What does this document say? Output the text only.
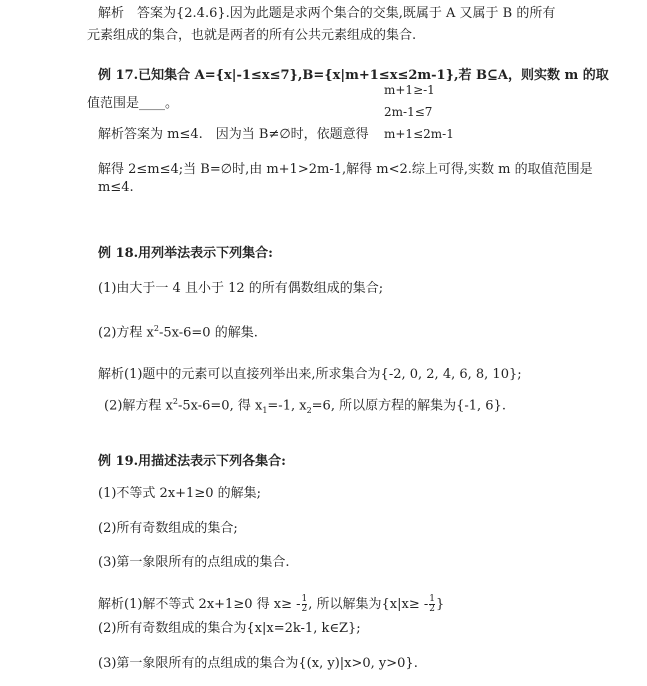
解析　答案为{2.4.6}.因为此题是求两个集合的交集,既属于 A 又属于 B 的所有
元素组成的集合，也就是两者的所有公共元素组成的集合.
例 17.已知集合 A={x|-1≤x≤7},B={x|m+1≤x≤2m-1},若 B⊆A，则实数 m 的取
值范围是____。
m+1≥-1
2m-1≤7
m+1≤2m-1
解析答案为 m≤4.　因为当 B≠∅时，依题意得
解得 2≤m≤4;当 B=∅时,由 m+1>2m-1,解得 m<2.综上可得,实数 m 的取值范围是
m≤4.
例 18.用列举法表示下列集合:
(1)由大于一 4 且小于 12 的所有偶数组成的集合;
(2)方程 $x^2-5x-6=0$ 的解集.
解析(1)题中的元素可以直接列举出来,所求集合为{-2, 0, 2, 4, 6, 8, 10};
(2)解方程 $x^2-5x-6=0$, 得 $x_1=-1$, $x_2=6$, 所以原方程的解集为{-1, 6}.
例 19.用描述法表示下列各集合:
(1)不等式 2x+1≥0 的解集;
(2)所有奇数组成的集合;
(3)第一象限所有的点组成的集合.
解析(1)解不等式 2x+1≥0 得 $x\ge - \frac{1}{2}$ , 所以解集为{$x|x\ge - \frac{1}{2}$ }
(2)所有奇数组成的集合为{x|x=2k-1, k∈Z};
(3)第一象限所有的点组成的集合为{(x, y)|x>0, y>0}.
